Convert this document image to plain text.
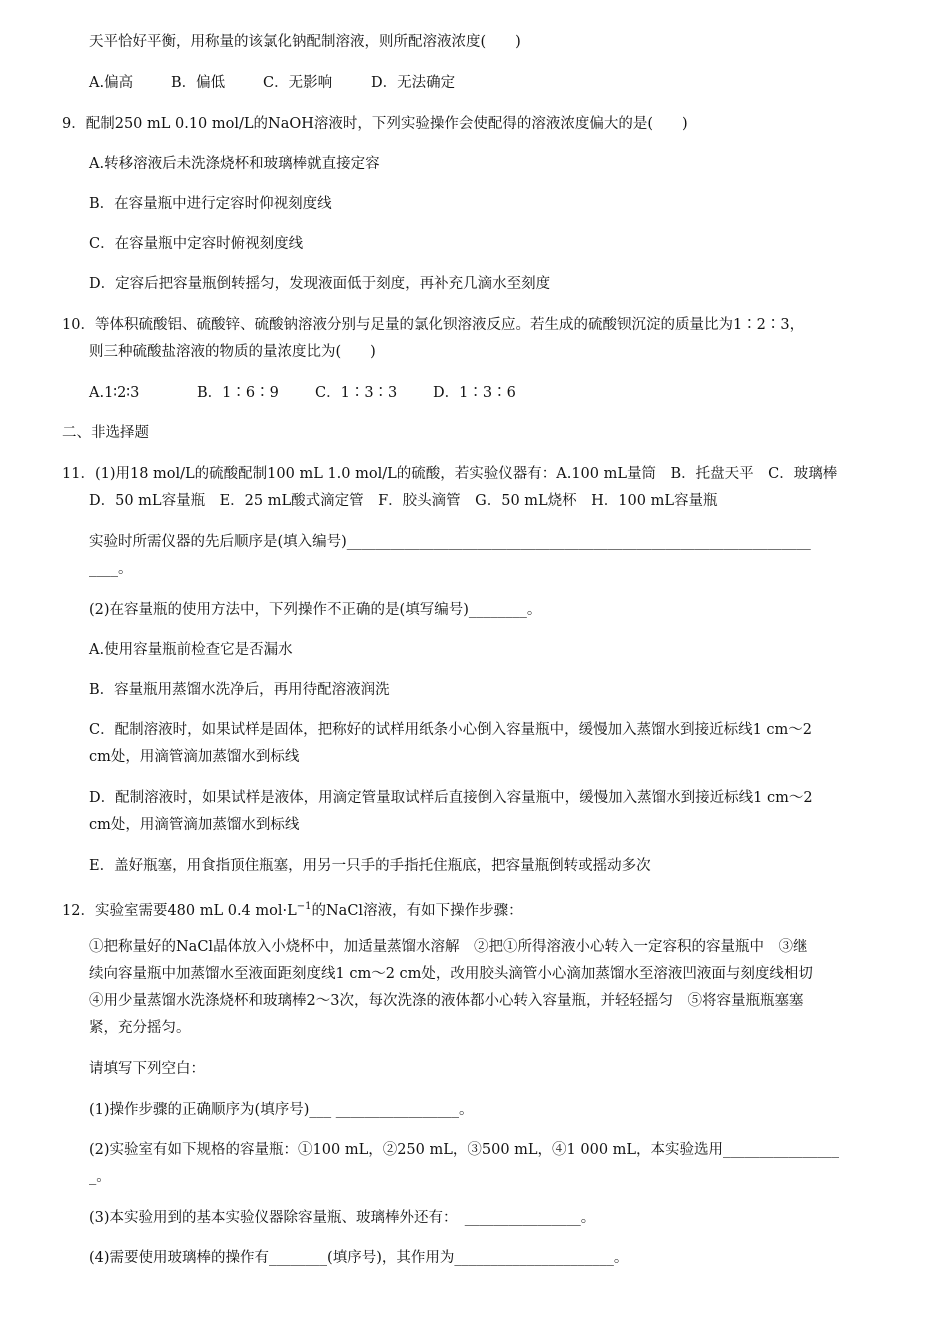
天平恰好平衡，用称量的该氯化钠配制溶液，则所配溶液浓度(　　)
A.偏高	B．偏低	C．无影响	D．无法确定
9．配制250 mL 0.10 mol/L的NaOH溶液时，下列实验操作会使配得的溶液浓度偏大的是(　　)
A.转移溶液后未洗涤烧杯和玻璃棒就直接定容
B．在容量瓶中进行定容时仰视刻度线
C．在容量瓶中定容时俯视刻度线
D．定容后把容量瓶倒转摇匀，发现液面低于刻度，再补充几滴水至刻度
10．等体积硫酸铝、硫酸锌、硫酸钠溶液分别与足量的氯化钡溶液反应。若生成的硫酸钡沉淀的质量比为1∶2∶3，
则三种硫酸盐溶液的物质的量浓度比为(　　)
A.1∶2∶3	B．1∶6∶9 C．1∶3∶3 D．1∶3∶6
二、非选择题
11．(1)用18 mol/L的硫酸配制100 mL 1.0 mol/L的硫酸，若实验仪器有：A.100 mL量筒　B．托盘天平　C．玻璃棒
D．50 mL容量瓶　E．25 mL酸式滴定管　F．胶头滴管　G．50 mL烧杯　H．100 mL容量瓶
实验时所需仪器的先后顺序是(填入编号)________________________________________________________________
____。
(2)在容量瓶的使用方法中，下列操作不正确的是(填写编号)________。
A.使用容量瓶前检查它是否漏水
B．容量瓶用蒸馏水洗净后，再用待配溶液润洗
C．配制溶液时，如果试样是固体，把称好的试样用纸条小心倒入容量瓶中，缓慢加入蒸馏水到接近标线1 cm～2
cm处，用滴管滴加蒸馏水到标线
D．配制溶液时，如果试样是液体，用滴定管量取试样后直接倒入容量瓶中，缓慢加入蒸馏水到接近标线1 cm～2
cm处，用滴管滴加蒸馏水到标线
E．盖好瓶塞，用食指顶住瓶塞，用另一只手的手指托住瓶底，把容量瓶倒转或摇动多次
12．实验室需要480 mL 0.4 $mol\cdot L^{-1}$的NaCl溶液，有如下操作步骤：
①把称量好的NaCl晶体放入小烧杯中，加适量蒸馏水溶解　②把①所得溶液小心转入一定容积的容量瓶中　③继
续向容量瓶中加蒸馏水至液面距刻度线1 cm～2 cm处，改用胶头滴管小心滴加蒸馏水至溶液凹液面与刻度线相切
④用少量蒸馏水洗涤烧杯和玻璃棒2～3次，每次洗涤的液体都小心转入容量瓶，并轻轻摇匀　⑤将容量瓶瓶塞塞
紧，充分摇匀。
请填写下列空白：
(1)操作步骤的正确顺序为(填序号)___ _________________。
(2)实验室有如下规格的容量瓶：①100 mL，②250 mL，③500 mL，④1 000 mL，本实验选用________________
_。
(3)本实验用到的基本实验仪器除容量瓶、玻璃棒外还有：　________________。
(4)需要使用玻璃棒的操作有________(填序号)，其作用为______________________。
